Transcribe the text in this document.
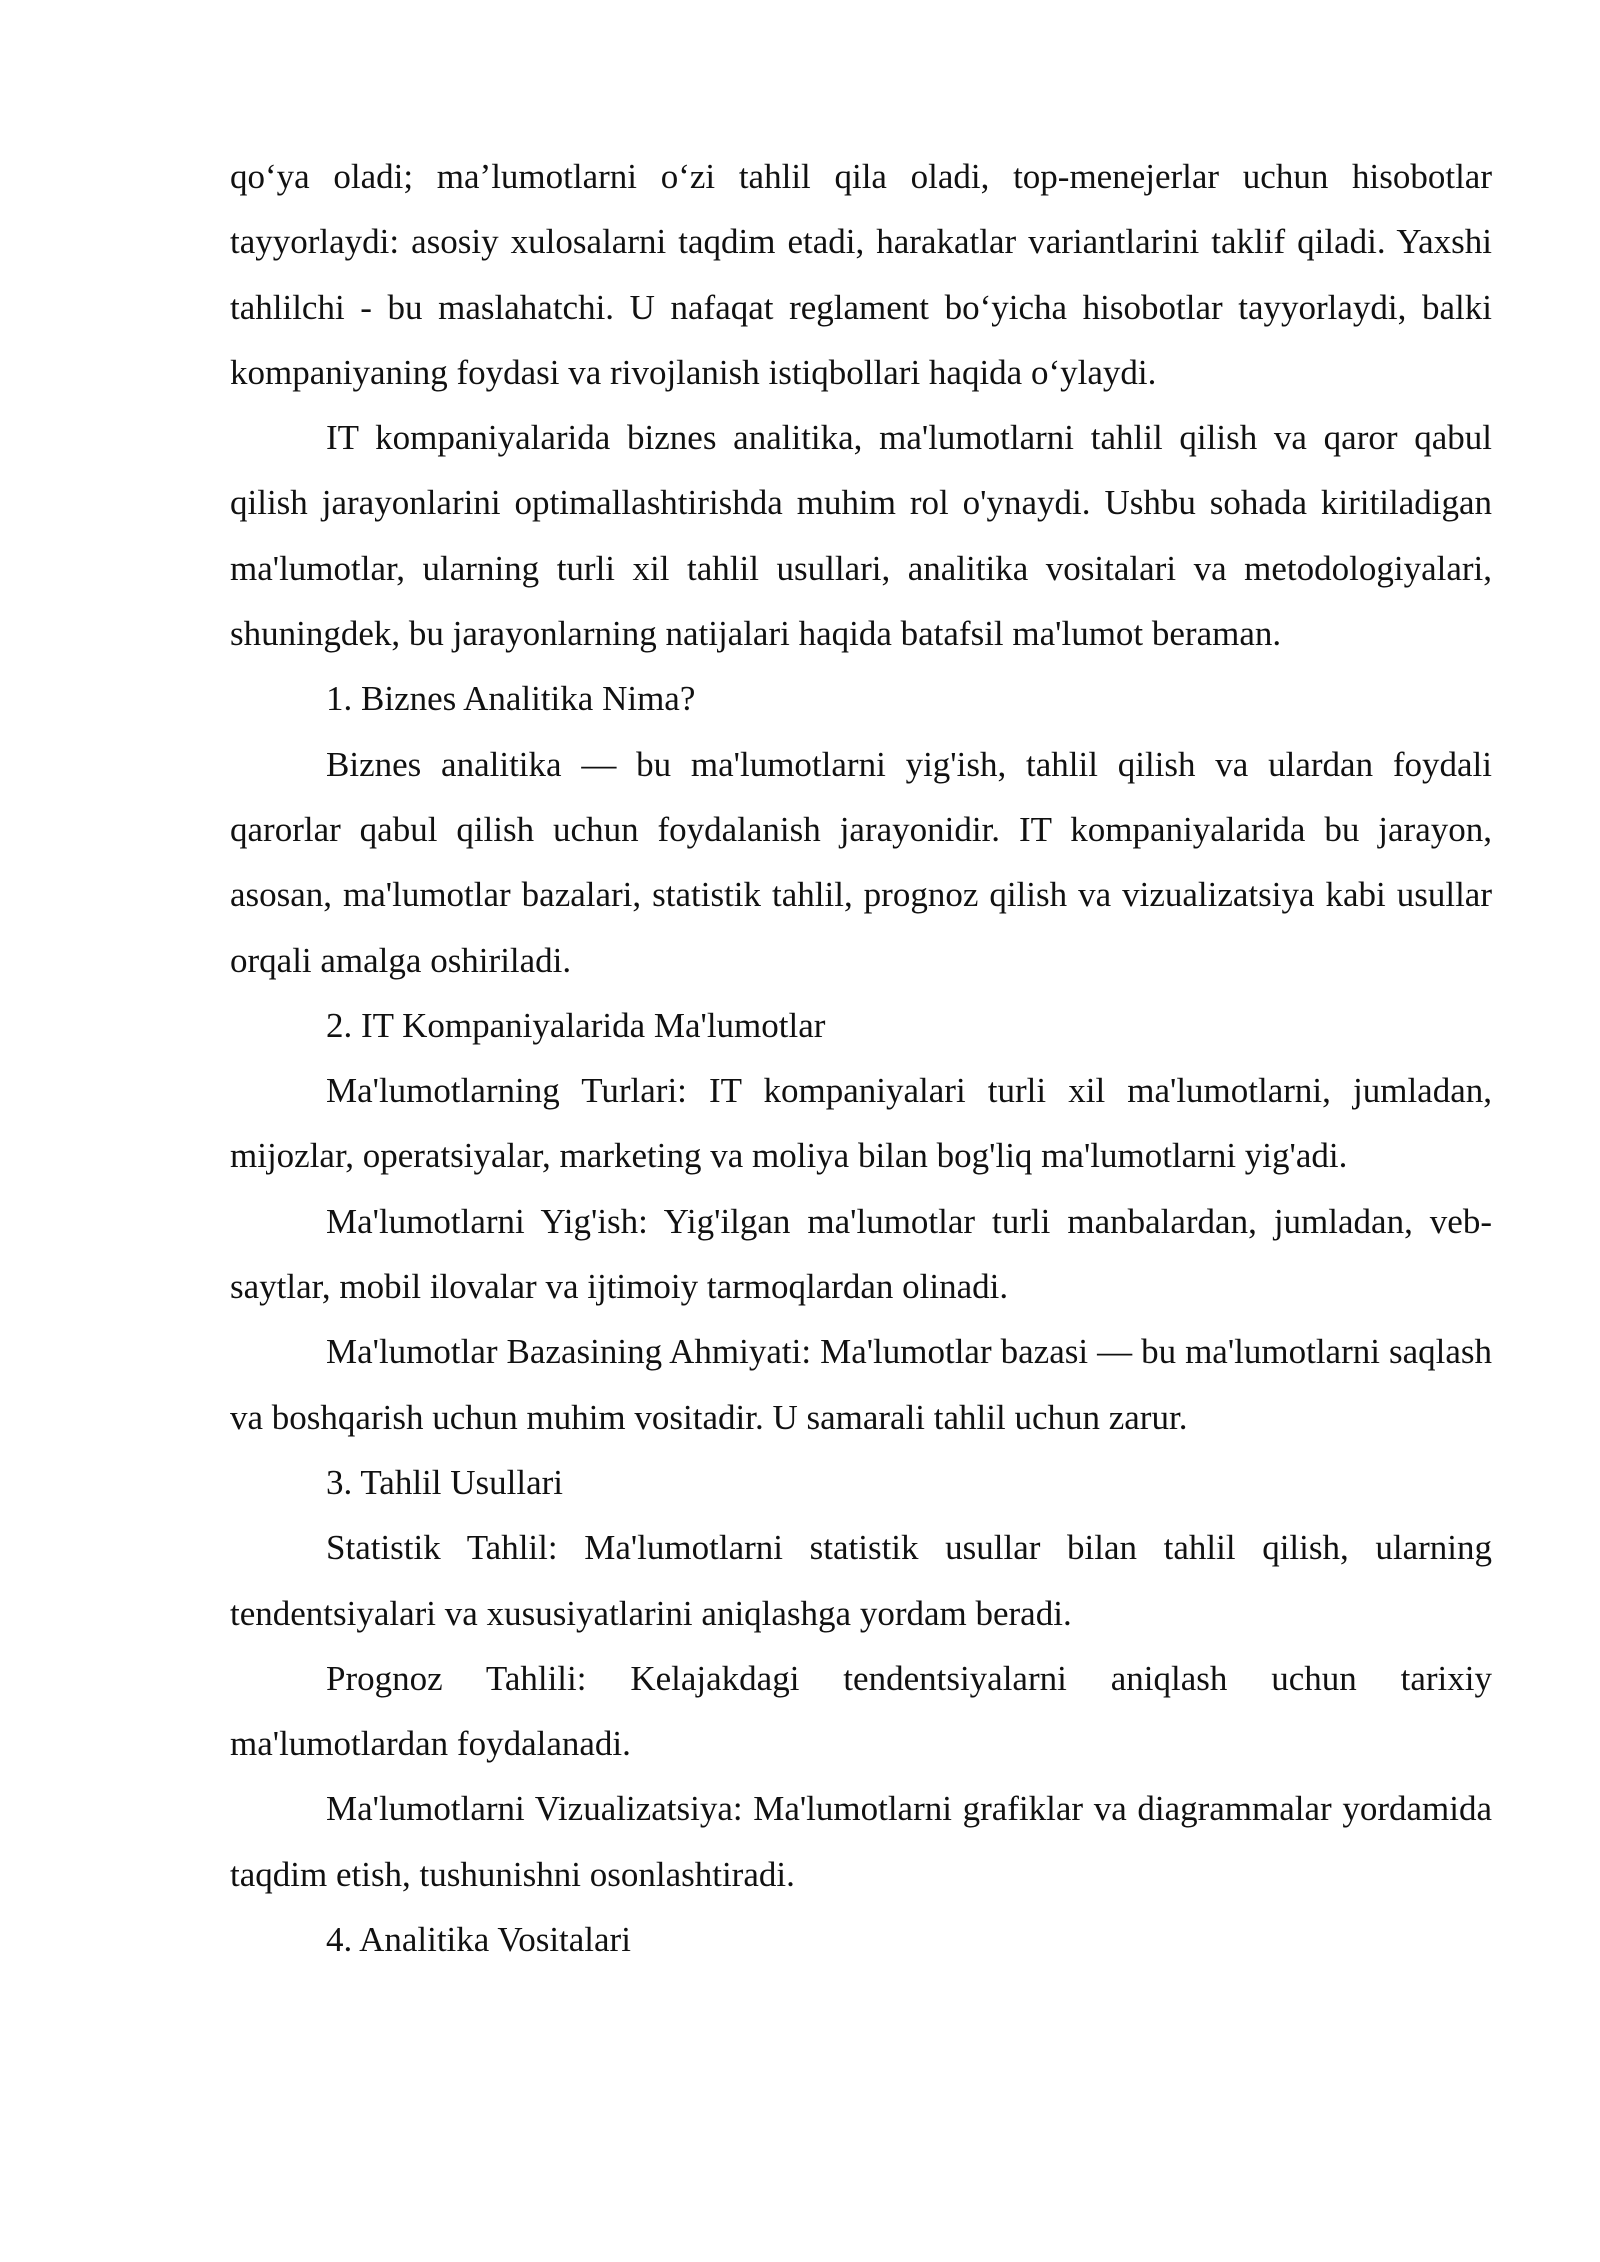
qo‘ya oladi; ma’lumotlarni o‘zi tahlil qila oladi, top-menejerlar uchun hisobotlar tayyorlaydi: asosiy xulosalarni taqdim etadi, harakatlar variantlarini taklif qiladi. Yaxshi tahlilchi - bu maslahatchi. U nafaqat reglament bo‘yicha hisobotlar tayyorlaydi, balki kompaniyaning foydasi va rivojlanish istiqbollari haqida o‘ylaydi.

IT kompaniyalarida biznes analitika, ma'lumotlarni tahlil qilish va qaror qabul qilish jarayonlarini optimallashtirishda muhim rol o'ynaydi. Ushbu sohada kiritiladigan ma'lumotlar, ularning turli xil tahlil usullari, analitika vositalari va metodologiyalari, shuningdek, bu jarayonlarning natijalari haqida batafsil ma'lumot beraman.

1. Biznes Analitika Nima?

Biznes analitika — bu ma'lumotlarni yig'ish, tahlil qilish va ulardan foydali qarorlar qabul qilish uchun foydalanish jarayonidir. IT kompaniyalarida bu jarayon, asosan, ma'lumotlar bazalari, statistik tahlil, prognoz qilish va vizualizatsiya kabi usullar orqali amalga oshiriladi.

2. IT Kompaniyalarida Ma'lumotlar

Ma'lumotlarning Turlari: IT kompaniyalari turli xil ma'lumotlarni, jumladan, mijozlar, operatsiyalar, marketing va moliya bilan bog'liq ma'lumotlarni yig'adi.

Ma'lumotlarni Yig'ish: Yig'ilgan ma'lumotlar turli manbalardan, jumladan, veb-saytlar, mobil ilovalar va ijtimoiy tarmoqlardan olinadi.

Ma'lumotlar Bazasining Ahmiyati: Ma'lumotlar bazasi — bu ma'lumotlarni saqlash va boshqarish uchun muhim vositadir. U samarali tahlil uchun zarur.

3. Tahlil Usullari

Statistik Tahlil: Ma'lumotlarni statistik usullar bilan tahlil qilish, ularning tendentsiyalari va xususiyatlarini aniqlashga yordam beradi.

Prognoz Tahlili: Kelajakdagi tendentsiyalarni aniqlash uchun tarixiy ma'lumotlardan foydalanadi.

Ma'lumotlarni Vizualizatsiya: Ma'lumotlarni grafiklar va diagrammalar yordamida taqdim etish, tushunishni osonlashtiradi.

4. Analitika Vositalari
